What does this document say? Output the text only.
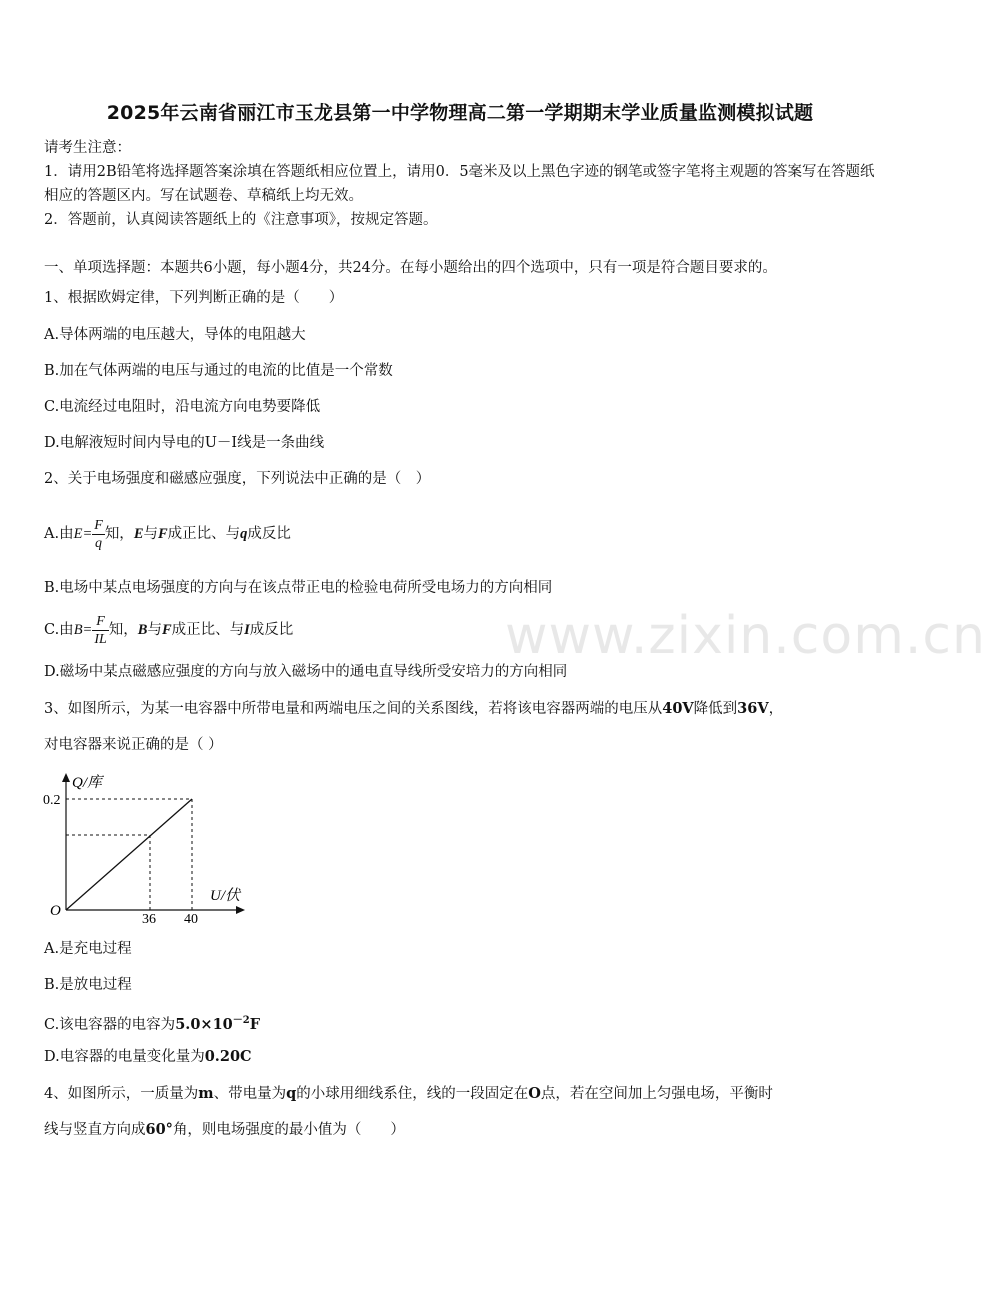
2025年云南省丽江市玉龙县第一中学物理高二第一学期期末学业质量监测模拟试题
请考生注意：
1．请用2B铅笔将选择题答案涂填在答题纸相应位置上，请用0．5毫米及以上黑色字迹的钢笔或签字笔将主观题的答案写在答题纸相应的答题区内。写在试题卷、草稿纸上均无效。
2．答题前，认真阅读答题纸上的《注意事项》，按规定答题。
一、单项选择题：本题共6小题，每小题4分，共24分。在每小题给出的四个选项中，只有一项是符合题目要求的。
1、根据欧姆定律，下列判断正确的是（　　）
A.导体两端的电压越大，导体的电阻越大
B.加在气体两端的电压与通过的电流的比值是一个常数
C.电流经过电阻时，沿电流方向电势要降低
D.电解液短时间内导电的U－I线是一条曲线
2、关于电场强度和磁感应强度，下列说法中正确的是（　）
A.由$E= \frac{F}{q}$ 知，E与F成正比、与q成反比
B.电场中某点电场强度的方向与在该点带正电的检验电荷所受电场力的方向相同
C.由$B= \frac{F}{IL}$ 知，B与F成正比、与I成反比
D.磁场中某点磁感应强度的方向与放入磁场中的通电直导线所受安培力的方向相同
3、如图所示，为某一电容器中所带电量和两端电压之间的关系图线，若将该电容器两端的电压从40V降低到36V，
对电容器来说正确的是（ ）
Q/库
0.2
U/伏
O
36 40
A.是充电过程
B.是放电过程
C.该电容器的电容为$5.0\times 10^{-2}F$
D.电容器的电量变化量为0.20C
4、如图所示，一质量为m、带电量为q的小球用细线系住，线的一段固定在O点，若在空间加上匀强电场，平衡时
线与竖直方向成60°角，则电场强度的最小值为（　　）
www.zixin.com.cn
